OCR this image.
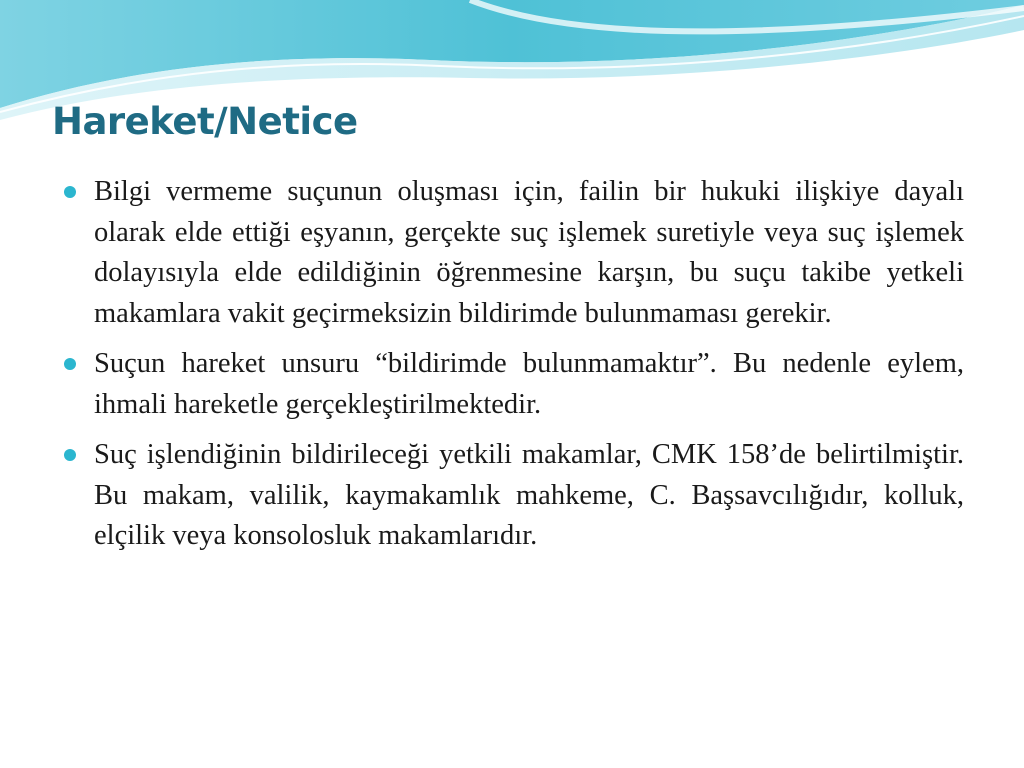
Hareket/Netice
Bilgi vermeme suçunun oluşması için, failin bir hukuki ilişkiye dayalı olarak elde ettiği eşyanın, gerçekte suç işlemek suretiyle veya suç işlemek dolayısıyla elde edildiğinin öğrenmesine karşın, bu suçu takibe yetkeli makamlara vakit geçirmeksizin bildirimde bulunmaması gerekir.
Suçun hareket unsuru “bildirimde bulunmamaktır”. Bu nedenle eylem, ihmali hareketle gerçekleştirilmektedir.
Suç işlendiğinin bildirileceği yetkili makamlar, CMK 158’de belirtilmiştir. Bu makam, valilik, kaymakamlık mahkeme, C. Başsavcılığıdır, kolluk, elçilik veya konsolosluk makamlarıdır.
